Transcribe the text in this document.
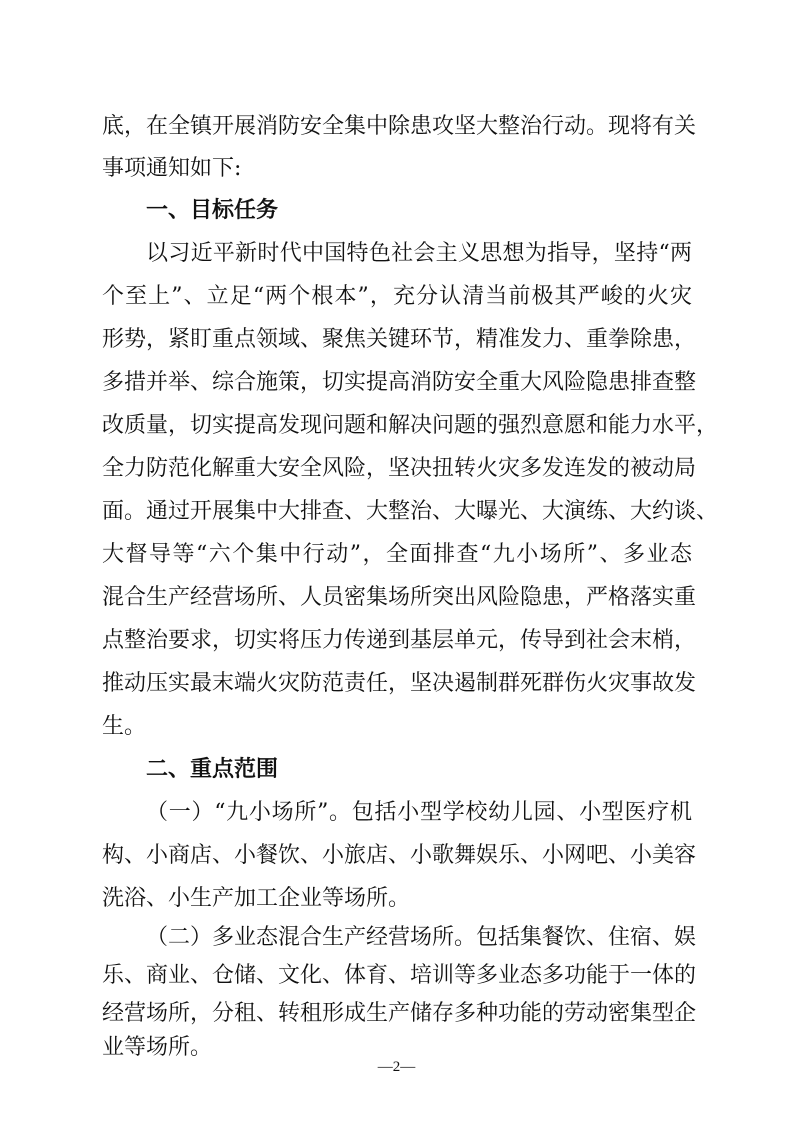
底，在全镇开展消防安全集中除患攻坚大整治行动。现将有关
事项通知如下:
一、目标任务
以习近平新时代中国特色社会主义思想为指导，坚持“两
个至上”、立足“两个根本”，充分认清当前极其严峻的火灾
形势，紧盯重点领域、聚焦关键环节，精准发力、重拳除患，
多措并举、综合施策，切实提高消防安全重大风险隐患排查整
改质量，切实提高发现问题和解决问题的强烈意愿和能力水平，
全力防范化解重大安全风险，坚决扭转火灾多发连发的被动局
面。通过开展集中大排查、大整治、大曝光、大演练、大约谈、
大督导等“六个集中行动”，全面排查“九小场所”、多业态
混合生产经营场所、人员密集场所突出风险隐患，严格落实重
点整治要求，切实将压力传递到基层单元，传导到社会末梢，
推动压实最末端火灾防范责任，坚决遏制群死群伤火灾事故发
生。
二、重点范围
（一）“九小场所”。包括小型学校幼儿园、小型医疗机
构、小商店、小餐饮、小旅店、小歌舞娱乐、小网吧、小美容
洗浴、小生产加工企业等场所。
（二）多业态混合生产经营场所。包括集餐饮、住宿、娱
乐、商业、仓储、文化、体育、培训等多业态多功能于一体的
经营场所，分租、转租形成生产储存多种功能的劳动密集型企
业等场所。
—2—
